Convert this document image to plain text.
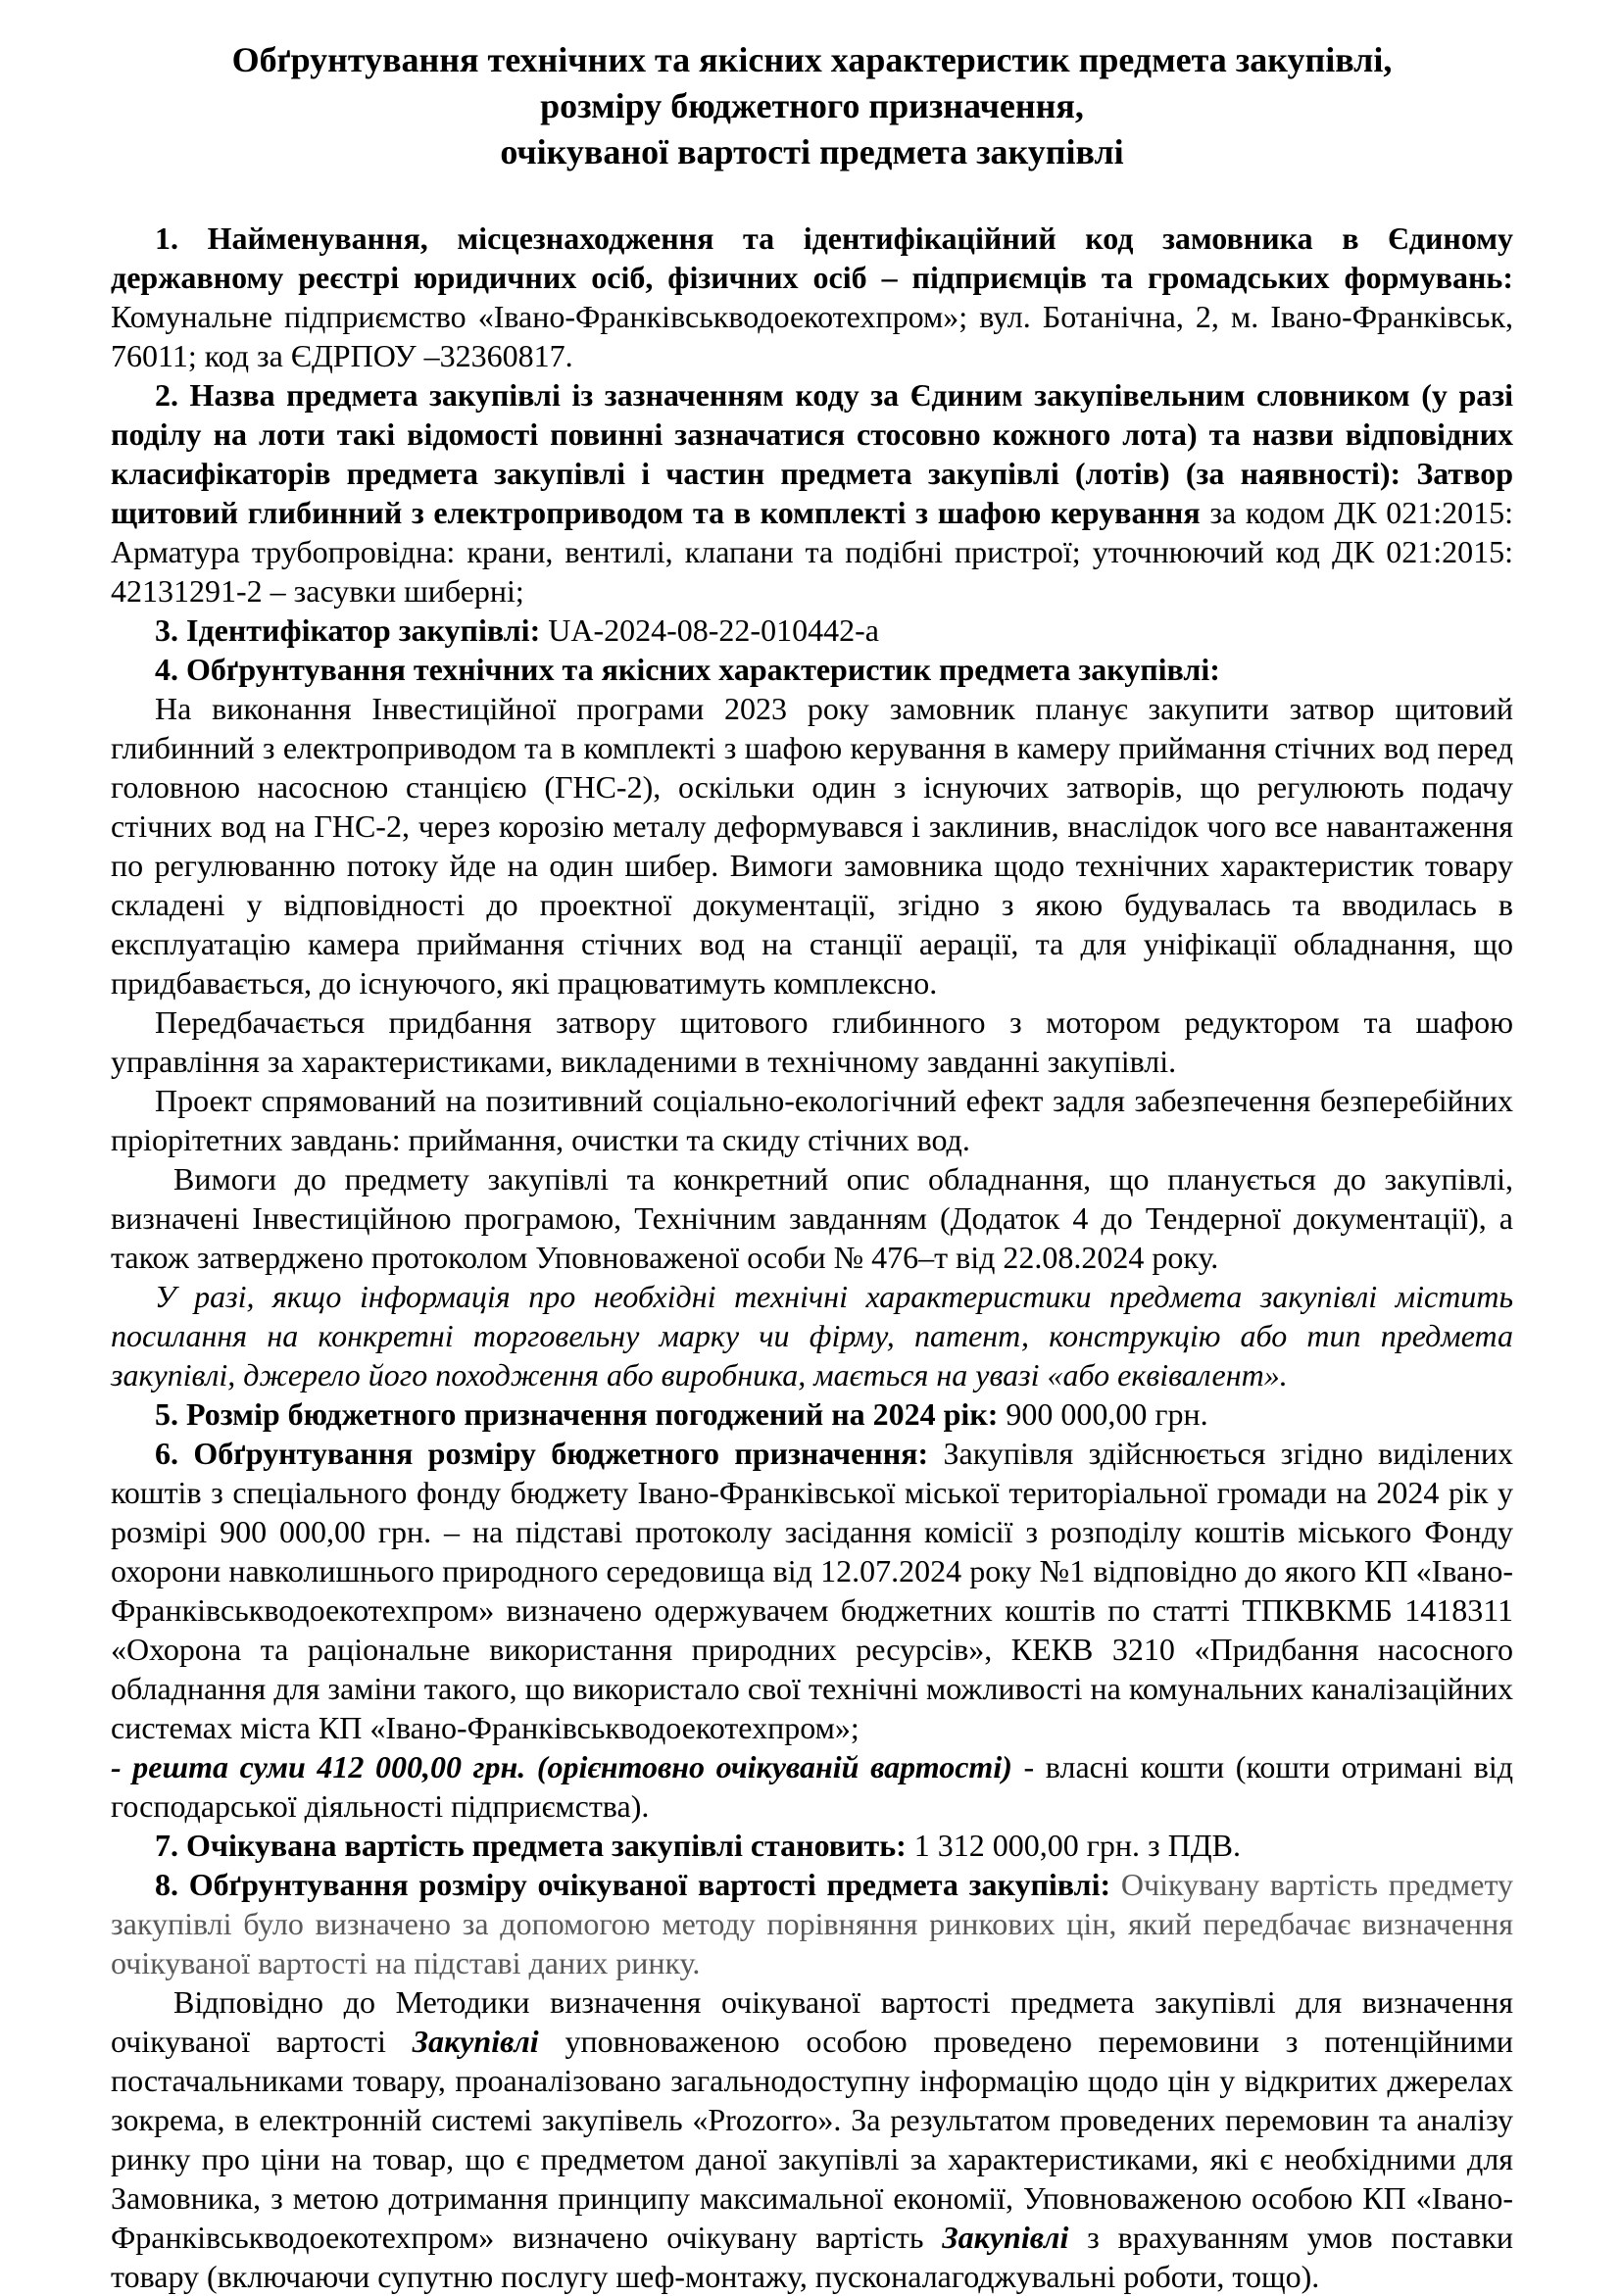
Обґрунтування технічних та якісних характеристик предмета закупівлі,
розміру бюджетного призначення,
очікуваної вартості предмета закупівлі

1. Найменування, місцезнаходження та ідентифікаційний код замовника в Єдиному державному реєстрі юридичних осіб, фізичних осіб – підприємців та громадських формувань: Комунальне підприємство «Івано-Франківськводоекотехпром»; вул. Ботанічна, 2, м. Івано-Франківськ, 76011; код за ЄДРПОУ –32360817.

2. Назва предмета закупівлі із зазначенням коду за Єдиним закупівельним словником (у разі поділу на лоти такі відомості повинні зазначатися стосовно кожного лота) та назви відповідних класифікаторів предмета закупівлі і частин предмета закупівлі (лотів) (за наявності): Затвор щитовий глибинний з електроприводом та в комплекті з шафою керування за кодом ДК 021:2015: Арматура трубопровідна: крани, вентилі, клапани та подібні пристрої; уточнюючий код ДК 021:2015: 42131291-2 – засувки шиберні;

3. Ідентифікатор закупівлі: UA-2024-08-22-010442-а

4. Обґрунтування технічних та якісних характеристик предмета закупівлі:

На виконання Інвестиційної програми 2023 року замовник планує закупити затвор щитовий глибинний з електроприводом та в комплекті з шафою керування в камеру приймання стічних вод перед головною насосною станцією (ГНС-2), оскільки один з існуючих затворів, що регулюють подачу стічних вод на ГНС-2, через корозію металу деформувався і заклинив, внаслідок чого все навантаження по регулюванню потоку йде на один шибер. Вимоги замовника щодо технічних характеристик товару складені у відповідності до проектної документації, згідно з якою будувалась та вводилась в експлуатацію камера приймання стічних вод на станції аерації, та для уніфікації обладнання, що придбавається, до існуючого, які працюватимуть комплексно.

Передбачається придбання затвору щитового глибинного з мотором редуктором та шафою управління за характеристиками, викладеними в технічному завданні закупівлі.

Проект спрямований на позитивний соціально-екологічний ефект задля забезпечення безперебійних пріорітетних завдань: приймання, очистки та скиду стічних вод.

Вимоги до предмету закупівлі та конкретний опис обладнання, що планується до закупівлі, визначені Інвестиційною програмою, Технічним завданням (Додаток 4 до Тендерної документації), а також затверджено протоколом Уповноваженої особи № 476–т від 22.08.2024 року.

У разі, якщо інформація про необхідні технічні характеристики предмета закупівлі містить посилання на конкретні торговельну марку чи фірму, патент, конструкцію або тип предмета закупівлі, джерело його походження або виробника, мається на увазі «або еквівалент».

5. Розмір бюджетного призначення погоджений на 2024 рік: 900 000,00 грн.

6. Обґрунтування розміру бюджетного призначення: Закупівля здійснюється згідно виділених коштів з спеціального фонду бюджету Івано-Франківської міської територіальної громади на 2024 рік у розмірі 900 000,00 грн. – на підставі протоколу засідання комісії з розподілу коштів міського Фонду охорони навколишнього природного середовища від 12.07.2024 року №1 відповідно до якого КП «Івано-Франківськводоекотехпром» визначено одержувачем бюджетних коштів по статті ТПКВКМБ 1418311 «Охорона та раціональне використання природних ресурсів», КЕКВ 3210 «Придбання насосного обладнання для заміни такого, що використало свої технічні можливості на комунальних каналізаційних системах міста КП «Івано-Франківськводоекотехпром»;

- решта суми 412 000,00 грн. (орієнтовно очікуваній вартості) - власні кошти (кошти отримані від господарської діяльності підприємства).

7. Очікувана вартість предмета закупівлі становить: 1 312 000,00 грн. з ПДВ.

8. Обґрунтування розміру очікуваної вартості предмета закупівлі: Очікувану вартість предмету закупівлі було визначено за допомогою методу порівняння ринкових цін, який передбачає визначення очікуваної вартості на підставі даних ринку.

Відповідно до Методики визначення очікуваної вартості предмета закупівлі для визначення очікуваної вартості Закупівлі уповноваженою особою проведено перемовини з потенційними постачальниками товару, проаналізовано загальнодоступну інформацію щодо цін у відкритих джерелах зокрема, в електронній системі закупівель «Prozorro». За результатом проведених перемовин та аналізу ринку про ціни на товар, що є предметом даної закупівлі за характеристиками, які є необхідними для Замовника, з метою дотримання принципу максимальної економії, Уповноваженою особою КП «Івано-Франківськводоекотехпром» визначено очікувану вартість Закупівлі з врахуванням умов поставки товару (включаючи супутню послугу шеф-монтажу, пусконалагоджувальні роботи, тощо).
